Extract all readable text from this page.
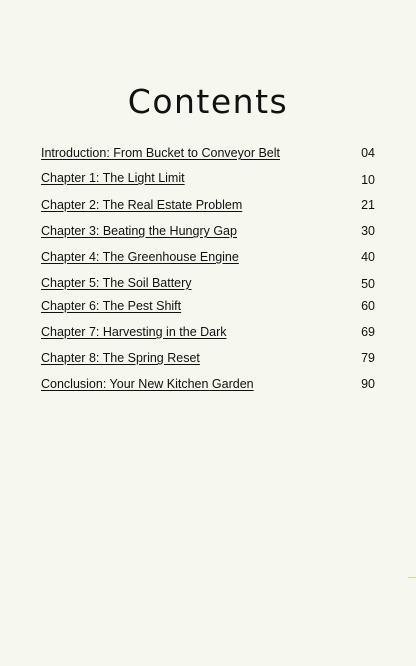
Contents
Introduction: From Bucket to Conveyor Belt	04
Chapter 1: The Light Limit	10
Chapter 2: The Real Estate Problem	21
Chapter 3: Beating the Hungry Gap	30
Chapter 4: The Greenhouse Engine	40
Chapter 5: The Soil Battery	50
Chapter 6: The Pest Shift	60
Chapter 7: Harvesting in the Dark	69
Chapter 8: The Spring Reset	79
Conclusion: Your New Kitchen Garden	90
